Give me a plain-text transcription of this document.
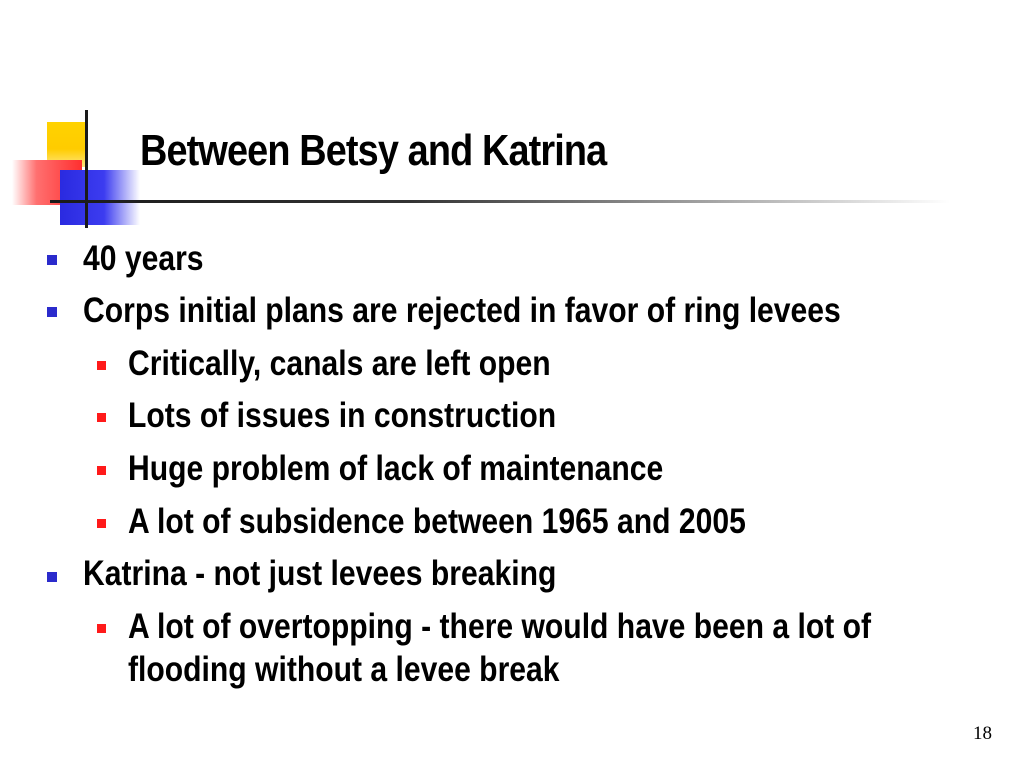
Between Betsy and Katrina
40 years
Corps initial plans are rejected in favor of ring levees
Critically, canals are left open
Lots of issues in construction
Huge problem of lack of maintenance
A lot of subsidence between 1965 and 2005
Katrina - not just levees breaking
A lot of overtopping - there would have been a lot of
flooding without a levee break
18
